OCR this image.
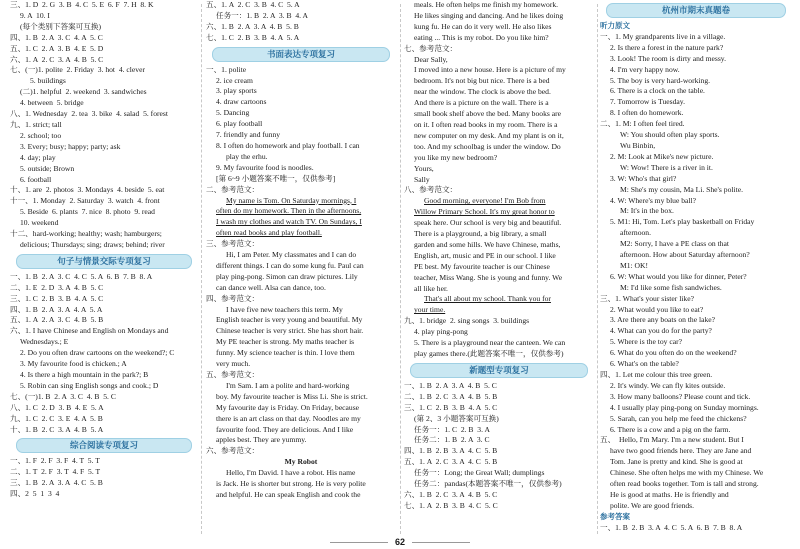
三、1. D  2. G  3. B  4. C  5. E  6. F  7. H  8. K
9. A  10. I
(每个类别下答案可互换)
四、1. B  2. A  3. C  4. A  5. C
五、1. C  2. A  3. B  4. E  5. D
六、1. A  2. C  3. A  4. B  5. C
七、(一)1. polite  2. Friday  3. hot  4. clever
5. buildings
(二)1. helpful  2. weekend  3. sandwiches
4. between  5. bridge
八、1. Wednesday  2. tea  3. bike  4. salad  5. forest
九、1. strict; tall
2. school; too
3. Every; busy; happy; party; ask
4. day; play
5. outside; Brown
6. football
十、1. are  2. photos  3. Mondays  4. beside  5. eat
十一、1. Monday  2. Saturday  3. watch  4. front
5. Beside  6. plants  7. nice  8. photo  9. read
10. weekend
十二、hard-working; healthy; wash; hamburgers;
delicious; Thursdays; sing; draws; behind; river
句子与情景交际专项复习
一、1. B  2. A  3. C  4. C  5. A  6. B  7. B  8. A
二、1. E  2. D  3. A  4. B  5. C
三、1. C  2. B  3. B  4. A  5. C
四、1. B  2. A  3. A  4. A  5. A
五、1. A  2. A  3. C  4. B  5. B
六、1. I have Chinese and English on Mondays and
Wednesdays.; E
2. Do you often draw cartoons on the weekend?; C
3. My favourite food is chicken.; A
4. Is there a high mountain in the park?; B
5. Robin can sing English songs and cook.; D
七、(一)1. B  2. A  3. C  4. B  5. C
八、1. C  2. D  3. B  4. E  5. A
九、1. C  2. C  3. E  4. A  5. B
十、1. B  2. C  3. A  4. B  5. A
综合阅读专项复习
一、1. F  2. F  3. F  4. T  5. T
二、1. T  2. F  3. T  4. F  5. T
三、1. B  2. A  3. A  4. C  5. B
四、2  5  1  3  4
五、1. A  2. C  3. B  4. C  5. A
任务一：1. B  2. A  3. B  4. A
六、1. B  2. A  3. A  4. B  5. B
七、1. C  2. B  3. B  4. A  5. A
书面表达专项复习
一、1. polite
2. ice cream
3. play sports
4. draw cartoons
5. Dancing
6. play football
7. friendly and funny
8. I often do homework and play football. I can
play the erhu.
9. My favourite food is noodles.
[第 6~9 小题答案不唯一，仅供参考]
二、参考范文：
My name is Tom. On Saturday mornings, I
often do my homework. Then in the afternoons,
I wash my clothes and watch TV. On Sundays, I
often read books and play football.
三、参考范文：
Hi, I am Peter. My classmates and I can do
different things. I can do some kung fu. Paul can
play ping-pong. Simon can draw pictures. Lily
can dance well. Alsa can dance, too.
四、参考范文：
I have five new teachers this term. My
English teacher is very young and beautiful. My
Chinese teacher is very strict. She has short hair.
My PE teacher is strong. My maths teacher is
funny. My science teacher is thin. I love them
very much.
五、参考范文：
I'm Sam. I am a polite and hard-working
boy. My favourite teacher is Miss Li. She is strict.
My favourite day is Friday. On Friday, because
there is an art class on that day. Noodles are my
favourite food. They are delicious. And I like
apples best. They are yummy.
六、参考范文：
My Robot
Hello, I'm David. I have a robot. His name
is Jack. He is shorter but strong. He is very polite
and helpful. He can speak English and cook the
meals. He often helps me finish my homework.
He likes singing and dancing. And he likes doing
kung fu. He can do it very well. He also likes
eating ... This is my robot. Do you like him?
七、参考范文：
Dear Sally,
I moved into a new house. Here is a picture of my
bedroom. It's not big but nice. There is a bed
near the window. The clock is above the bed.
And there is a picture on the wall. There is a
small book shelf above the bed. Many books are
on it. I often read books in my room. There is a
new computer on my desk. And my plant is on it,
too. And my schoolbag is under the window. Do
you like my new bedroom?
Yours,
Sally
八、参考范文：
Good morning, everyone! I'm Bob from
Willow Primary School. It's my great honor to
speak here. Our school is very big and beautiful.
There is a playground, a big library, a small
garden and some hills. We have Chinese, maths,
English, art, music and PE in our school. I like
PE best. My favourite teacher is our Chinese
teacher, Miss Wang. She is young and funny. We
all like her.
That's all about my school. Thank you for
your time.
九、1. bridge  2. sing songs  3. buildings
4. play ping-pong
5. There is a playground near the canteen. We can
play games there.(此题答案不唯一，仅供参考)
新题型专项复习
一、1. B  2. A  3. A  4. B  5. C
二、1. B  2. C  3. A  4. B  5. B
三、1. C  2. B  3. B  4. A  5. C
(第 2、3 小题答案可互换)
任务一：1. C  2. B  3. A
任务二：1. B  2. A  3. C
四、1. B  2. B  3. A  4. C  5. B
五、1. A  2. C  3. A  4. C  5. B
任务一：Long; the Great Wall; dumplings
任务二：pandas(本题答案不唯一，仅供参考)
六、1. B  2. C  3. A  4. B  5. C
七、1. A  2. B  3. B  4. C  5. C
杭州市期末真题卷
听力原文
一、1. My grandparents live in a village.
2. Is there a forest in the nature park?
3. Look! The room is dirty and messy.
4. I'm very happy now.
5. The boy is very hard-working.
6. There is a clock on the table.
7. Tomorrow is Tuesday.
8. I often do homework.
二、1. M: I often feel tired.
W: You should often play sports.
Wu Binbin,
2. M: Look at Mike's new picture.
W: Wow! There is a river in it.
3. W: Who's that girl?
M: She's my cousin, Ma Li. She's polite.
4. W: Where's my blue ball?
M: It's in the box.
5. M1: Hi, Tom. Let's play basketball on Friday
afternoon.
M2: Sorry, I have a PE class on that
afternoon. How about Saturday afternoon?
M1: OK!
6. W: What would you like for dinner, Peter?
M: I'd like some fish sandwiches.
三、1. What's your sister like?
2. What would you like to eat?
3. Are there any boats on the lake?
4. What can you do for the party?
5. Where is the toy car?
6. What do you often do on the weekend?
6. What's on the table?
四、1. Let me colour this tree green.
2. It's windy. We can fly kites outside.
3. How many balloons? Please count and tick.
4. I usually play ping-pong on Sunday mornings.
5. Sarah, can you help me feed the chickens?
6. There is a cow and a pig on the farm.
五、  Hello, I'm Mary. I'm a new student. But I
have two good friends here. They are Jane and
Tom. Jane is pretty and kind. She is good at
Chinese. She often helps me with my Chinese. We
often read books together. Tom is tall and strong.
He is good at maths. He is friendly and
polite. We are good friends.
参考答案
一、1. B  2. B  3. A  4. C  5. A  6. B  7. B  8. A
62
